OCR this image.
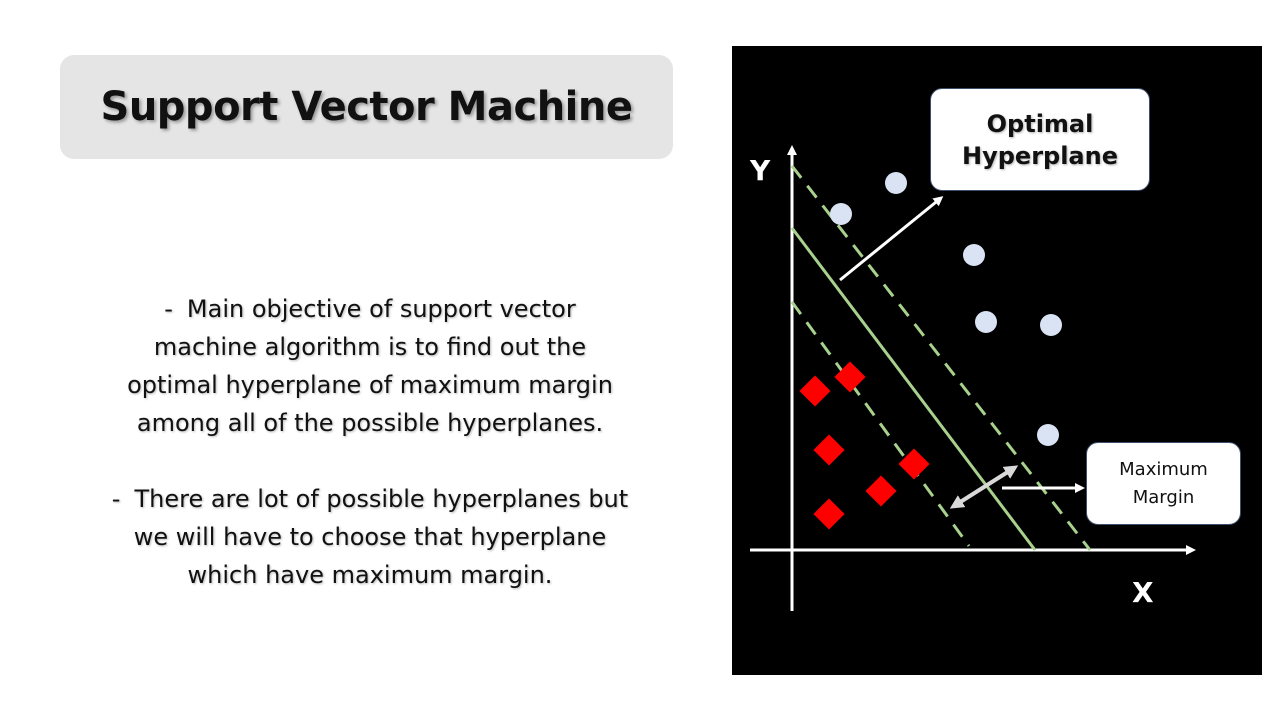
Support Vector Machine
- Main objective of support vector
machine algorithm is to find out the
optimal hyperplane of maximum margin
among all of the possible hyperplanes.
- There are lot of possible hyperplanes but
we will have to choose that hyperplane
which have maximum margin.
Y
X
Optimal
Hyperplane
Maximum
Margin
